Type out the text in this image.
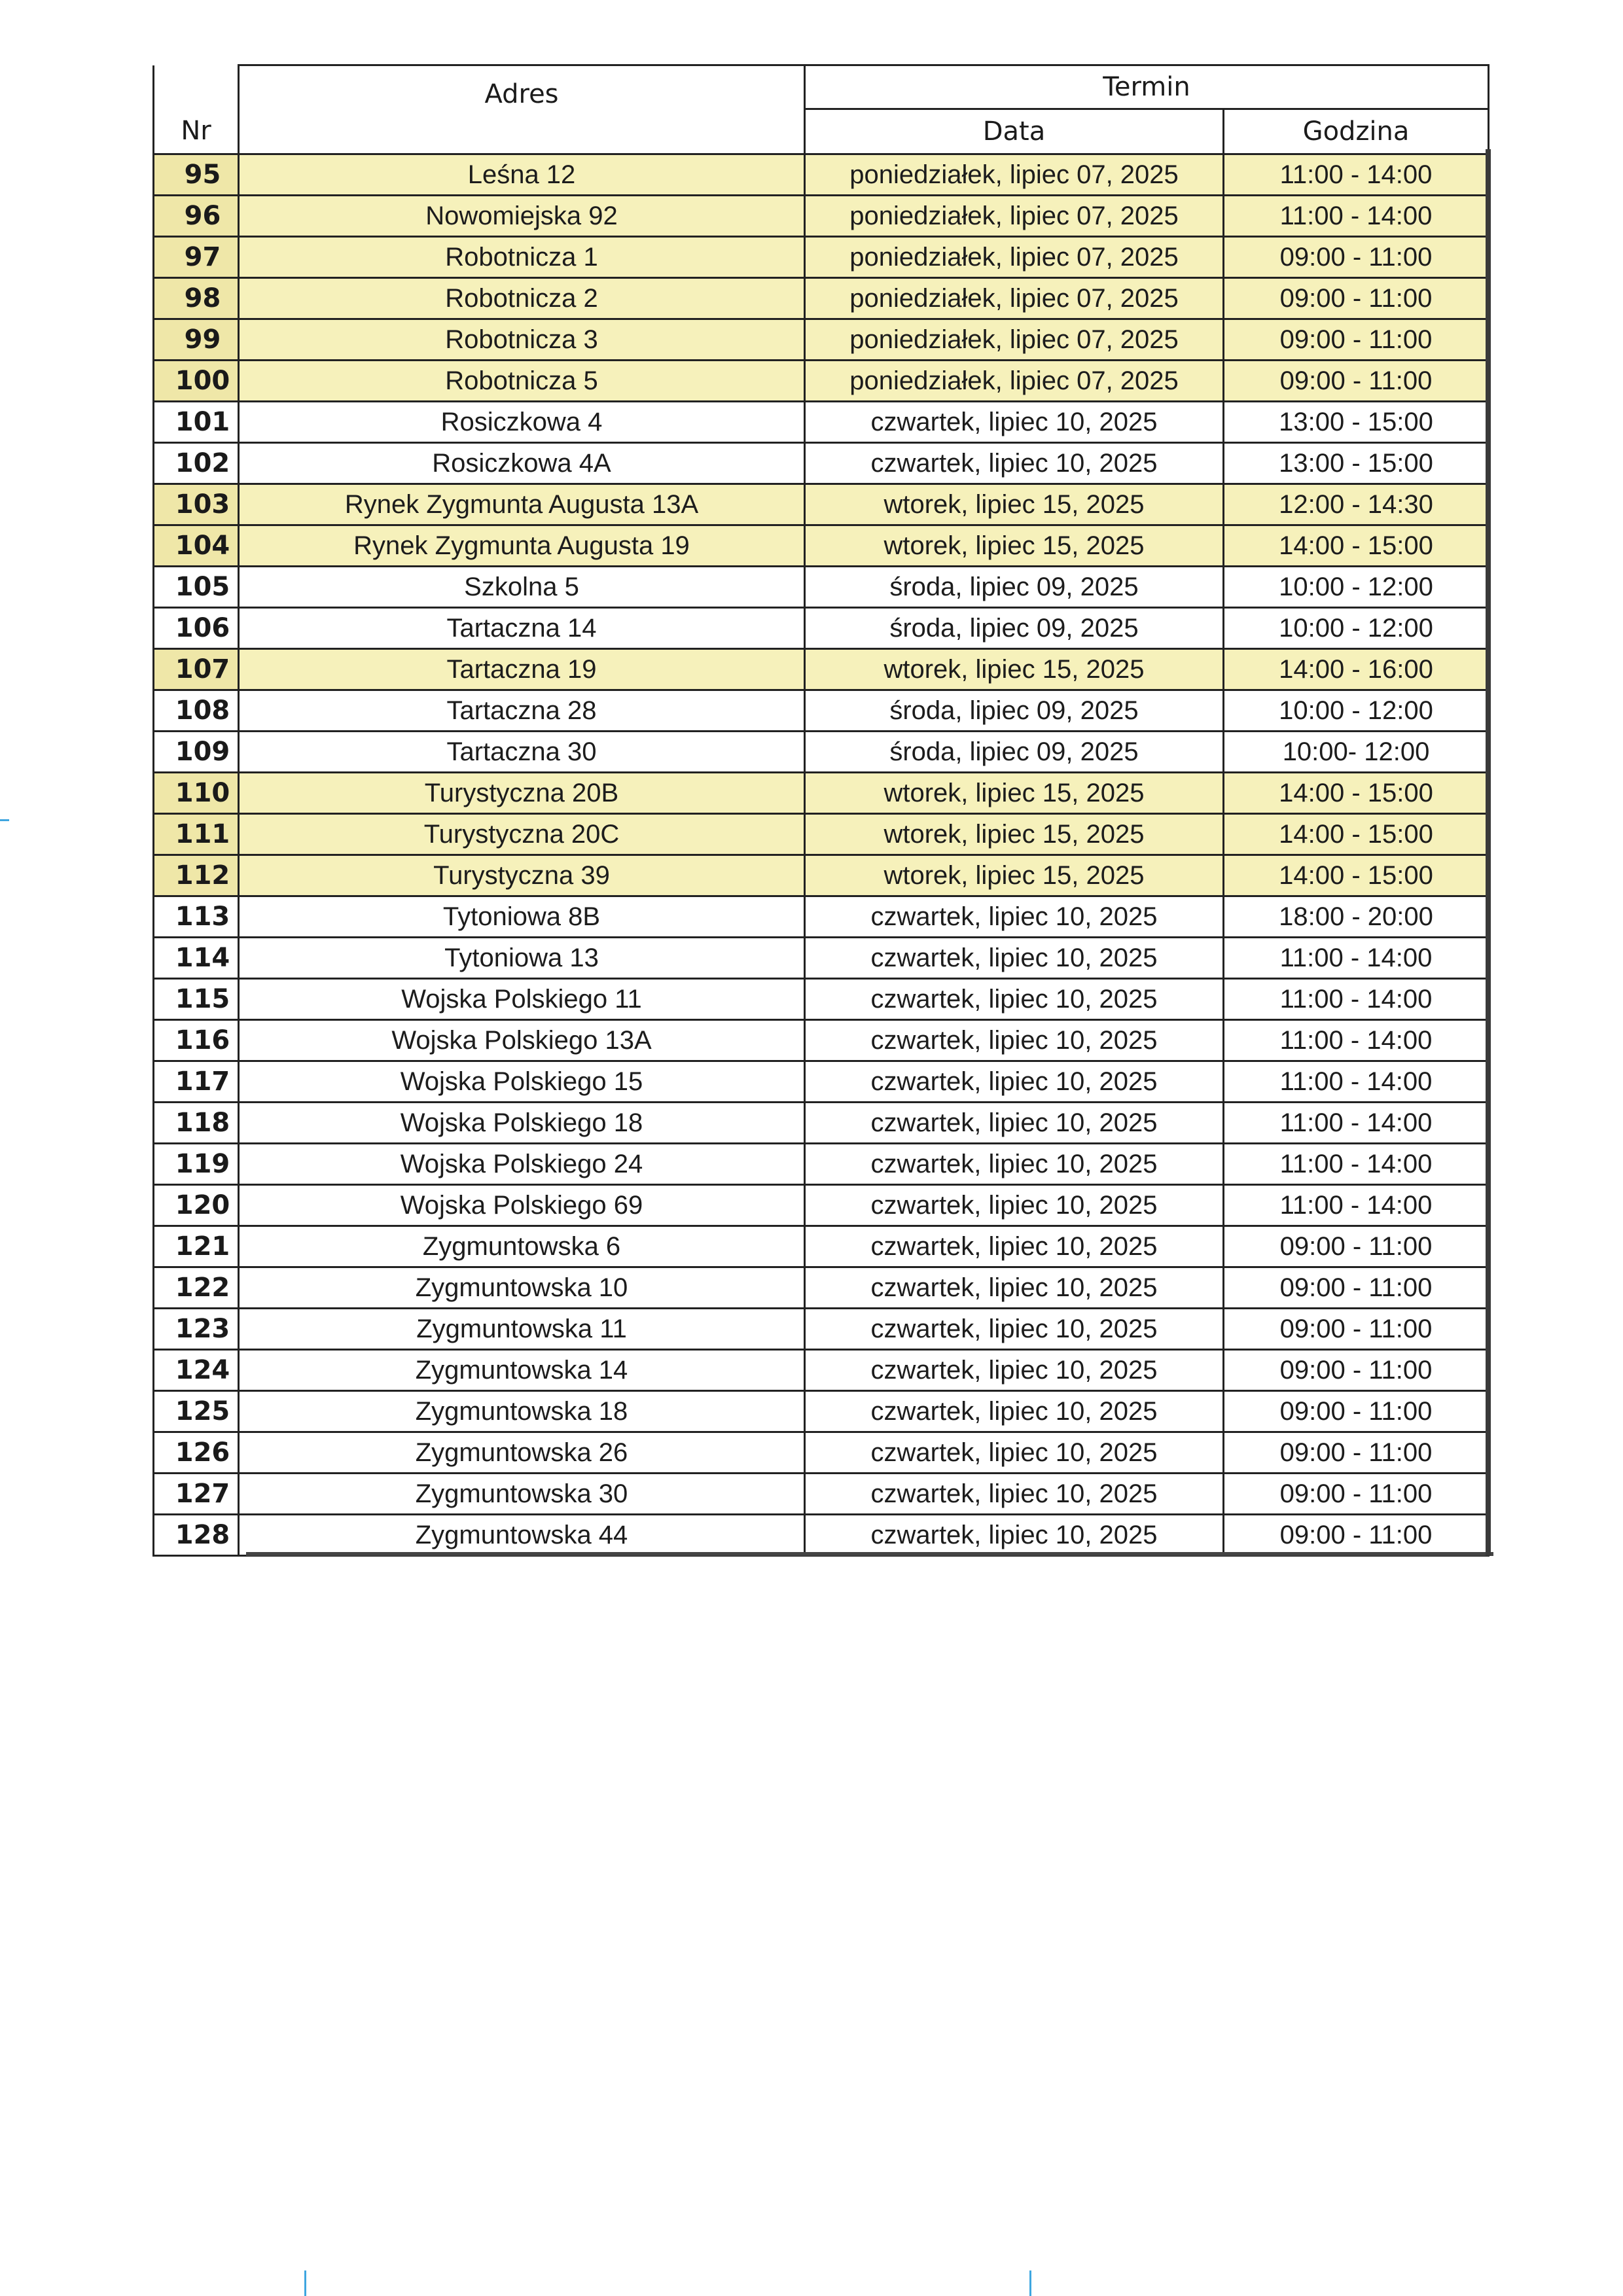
	Adres	Termin	
Nr		Data	Godzina
95	Leśna 12	poniedziałek, lipiec 07, 2025	11:00 - 14:00
96	Nowomiejska 92	poniedziałek, lipiec 07, 2025	11:00 - 14:00
97	Robotnicza 1	poniedziałek, lipiec 07, 2025	09:00 - 11:00
98	Robotnicza 2	poniedziałek, lipiec 07, 2025	09:00 - 11:00
99	Robotnicza 3	poniedziałek, lipiec 07, 2025	09:00 - 11:00
100	Robotnicza 5	poniedziałek, lipiec 07, 2025	09:00 - 11:00
101	Rosiczkowa 4	czwartek, lipiec 10, 2025	13:00 - 15:00
102	Rosiczkowa 4A	czwartek, lipiec 10, 2025	13:00 - 15:00
103	Rynek Zygmunta Augusta 13A	wtorek, lipiec 15, 2025	12:00 - 14:30
104	Rynek Zygmunta Augusta 19	wtorek, lipiec 15, 2025	14:00 - 15:00
105	Szkolna 5	środa, lipiec 09, 2025	10:00 - 12:00
106	Tartaczna 14	środa, lipiec 09, 2025	10:00 - 12:00
107	Tartaczna 19	wtorek, lipiec 15, 2025	14:00 - 16:00
108	Tartaczna 28	środa, lipiec 09, 2025	10:00 - 12:00
109	Tartaczna 30	środa, lipiec 09, 2025	10:00- 12:00
110	Turystyczna 20B	wtorek, lipiec 15, 2025	14:00 - 15:00
111	Turystyczna 20C	wtorek, lipiec 15, 2025	14:00 - 15:00
112	Turystyczna 39	wtorek, lipiec 15, 2025	14:00 - 15:00
113	Tytoniowa 8B	czwartek, lipiec 10, 2025	18:00 - 20:00
114	Tytoniowa 13	czwartek, lipiec 10, 2025	11:00 - 14:00
115	Wojska Polskiego 11	czwartek, lipiec 10, 2025	11:00 - 14:00
116	Wojska Polskiego 13A	czwartek, lipiec 10, 2025	11:00 - 14:00
117	Wojska Polskiego 15	czwartek, lipiec 10, 2025	11:00 - 14:00
118	Wojska Polskiego 18	czwartek, lipiec 10, 2025	11:00 - 14:00
119	Wojska Polskiego 24	czwartek, lipiec 10, 2025	11:00 - 14:00
120	Wojska Polskiego 69	czwartek, lipiec 10, 2025	11:00 - 14:00
121	Zygmuntowska 6	czwartek, lipiec 10, 2025	09:00 - 11:00
122	Zygmuntowska 10	czwartek, lipiec 10, 2025	09:00 - 11:00
123	Zygmuntowska 11	czwartek, lipiec 10, 2025	09:00 - 11:00
124	Zygmuntowska 14	czwartek, lipiec 10, 2025	09:00 - 11:00
125	Zygmuntowska 18	czwartek, lipiec 10, 2025	09:00 - 11:00
126	Zygmuntowska 26	czwartek, lipiec 10, 2025	09:00 - 11:00
127	Zygmuntowska 30	czwartek, lipiec 10, 2025	09:00 - 11:00
128	Zygmuntowska 44	czwartek, lipiec 10, 2025	09:00 - 11:00
